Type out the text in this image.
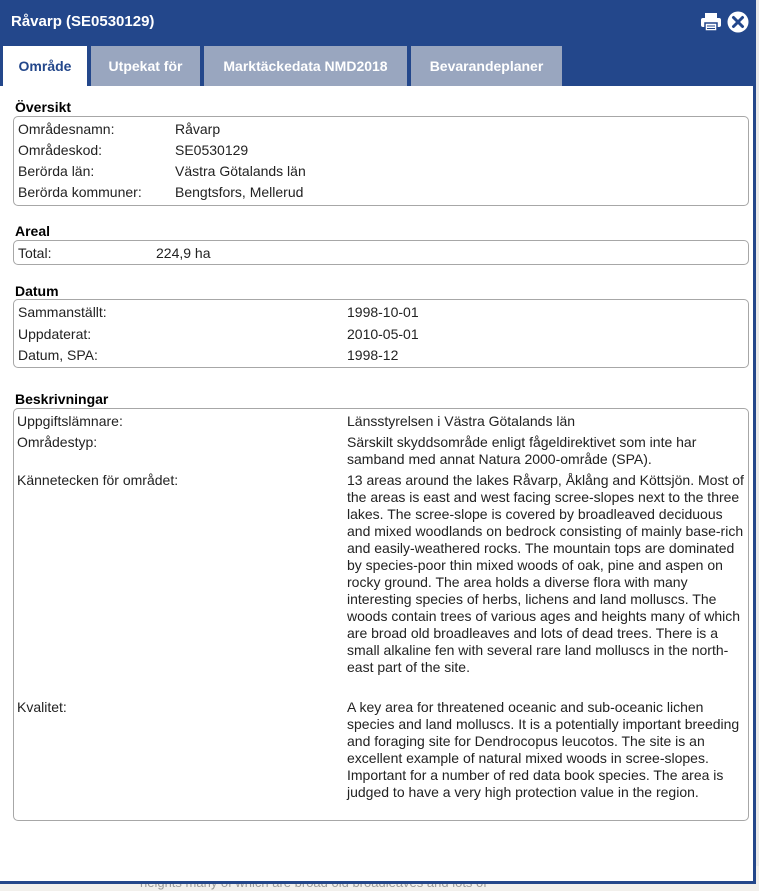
Råvarp (SE0530129)
Område	Utpekat för	Marktäckedata NMD2018	Bevarandeplaner
Översikt
Områdesnamn:	Råvarp
Områdeskod:	SE0530129
Berörda län:	Västra Götalands län
Berörda kommuner: Bengtsfors, Mellerud
Areal
Total:	224,9 ha
Datum
Sammanställt:	1998-10-01
Uppdaterat:	2010-05-01
Datum, SPA:	1998-12
Beskrivningar
Uppgiftslämnare:	Länsstyrelsen i Västra Götalands län
Områdestyp:	Särskilt skyddsområde enligt fågeldirektivet som inte har samband med annat Natura 2000-område (SPA).
Kännetecken för området:	13 areas around the lakes Råvarp, Åklång and Köttsjön. Most of the areas is east and west facing scree-slopes next to the three lakes. The scree-slope is covered by broadleaved deciduous and mixed woodlands on bedrock consisting of mainly base-rich and easily-weathered rocks. The mountain tops are dominated by species-poor thin mixed woods of oak, pine and aspen on rocky ground. The area holds a diverse flora with many interesting species of herbs, lichens and land molluscs. The woods contain trees of various ages and heights many of which are broad old broadleaves and lots of dead trees. There is a small alkaline fen with several rare land molluscs in the north-east part of the site.
Kvalitet:	A key area for threatened oceanic and sub-oceanic lichen species and land molluscs. It is a potentially important breeding and foraging site for Dendrocopus leucotos. The site is an excellent example of natural mixed woods in scree-slopes. Important for a number of red data book species. The area is judged to have a very high protection value in the region.
